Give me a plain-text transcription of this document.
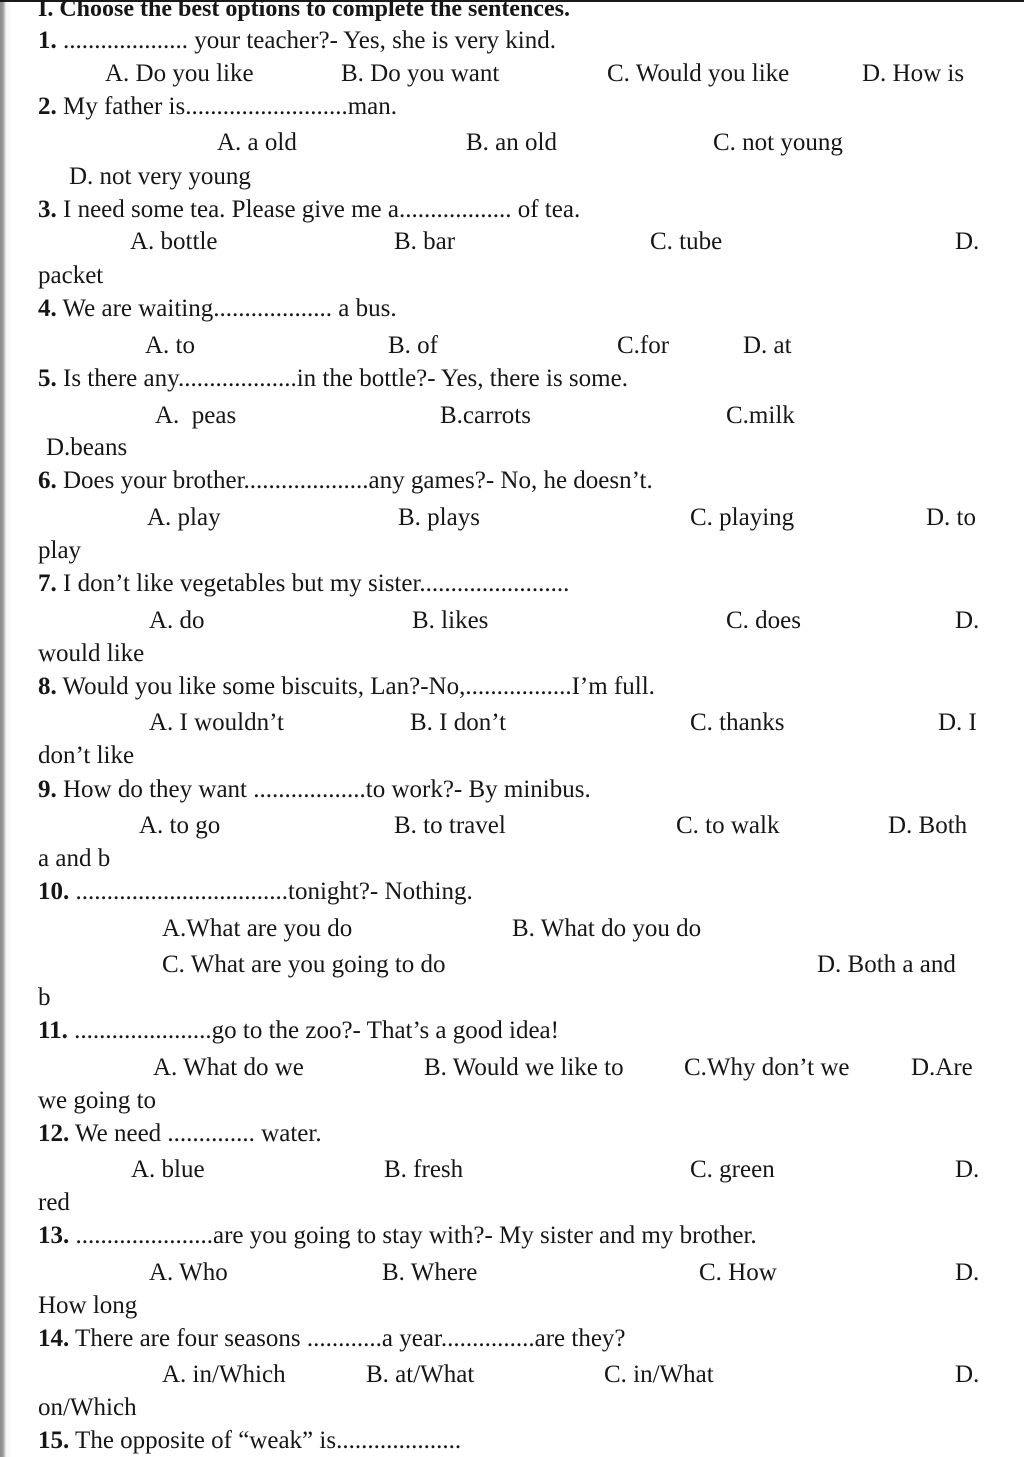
I. Choose the best options to complete the sentences.
1. .................... your teacher?- Yes, she is very kind.
A. Do you like	B. Do you want	C. Would you like	D. How is
2. My father is..........................man.
A. a old	B. an old	C. not young
D. not very young
3. I need some tea. Please give me a.................. of tea.
A. bottle	B. bar	C. tube	D.
packet
4. We are waiting................... a bus.
A. to	B. of	C.for	D. at
5. Is there any...................in the bottle?- Yes, there is some.
A.  peas	B.carrots	C.milk
D.beans
6. Does your brother....................any games?- No, he doesn’t.
A. play	B. plays	C. playing	D. to
play
7. I don’t like vegetables but my sister........................
A. do	B. likes	C. does	D.
would like
8. Would you like some biscuits, Lan?-No,.................I’m full.
A. I wouldn’t	B. I don’t	C. thanks	D. I
don’t like
9. How do they want ..................to work?- By minibus.
A. to go	B. to travel	C. to walk	D. Both
a and b
10. ..................................tonight?- Nothing.
A.What are you do	B. What do you do
C. What are you going to do	D. Both a and
b
11. ......................go to the zoo?- That’s a good idea!
A. What do we	B. Would we like to C.Why don’t we D.Are
we going to
12. We need .............. water.
A. blue	B. fresh	C. green	D.
red
13. ......................are you going to stay with?- My sister and my brother.
A. Who	B. Where	C. How	D.
How long
14. There are four seasons ............a year...............are they?
A. in/Which	B. at/What	C. in/What	D.
on/Which
15. The opposite of “weak” is....................
